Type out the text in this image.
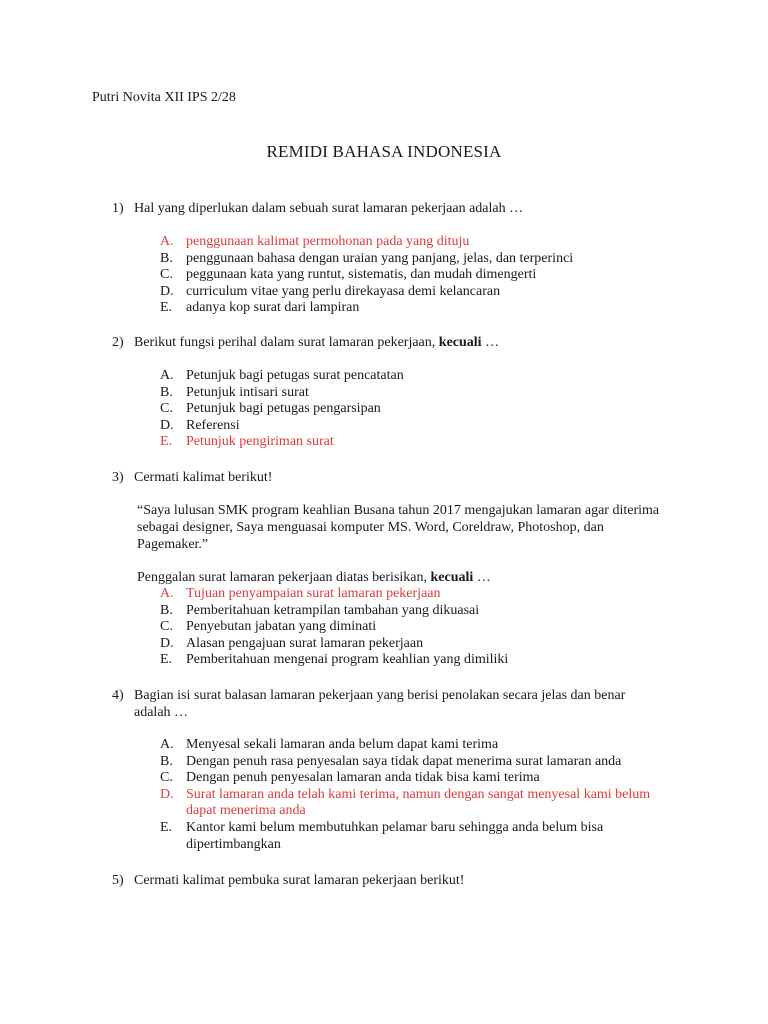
Putri Novita XII IPS 2/28
REMIDI BAHASA INDONESIA
1) Hal yang diperlukan dalam sebuah surat lamaran pekerjaan adalah …
A. penggunaan kalimat permohonan pada yang dituju
B. penggunaan bahasa dengan uraian yang panjang, jelas, dan terperinci
C. peggunaan kata yang runtut, sistematis, dan mudah dimengerti
D. curriculum vitae yang perlu direkayasa demi kelancaran
E. adanya kop surat dari lampiran
2) Berikut fungsi perihal dalam surat lamaran pekerjaan, kecuali …
A. Petunjuk bagi petugas surat pencatatan
B. Petunjuk intisari surat
C. Petunjuk bagi petugas pengarsipan
D. Referensi
E. Petunjuk pengiriman surat
3) Cermati kalimat berikut!
“Saya lulusan SMK program keahlian Busana tahun 2017 mengajukan lamaran agar diterima sebagai designer, Saya menguasai komputer MS. Word, Coreldraw, Photoshop, dan Pagemaker.”
Penggalan surat lamaran pekerjaan diatas berisikan, kecuali …
A. Tujuan penyampaian surat lamaran pekerjaan
B. Pemberitahuan ketrampilan tambahan yang dikuasai
C. Penyebutan jabatan yang diminati
D. Alasan pengajuan surat lamaran pekerjaan
E. Pemberitahuan mengenai program keahlian yang dimiliki
4) Bagian isi surat balasan lamaran pekerjaan yang berisi penolakan secara jelas dan benar adalah …
A. Menyesal sekali lamaran anda belum dapat kami terima
B. Dengan penuh rasa penyesalan saya tidak dapat menerima surat lamaran anda
C. Dengan penuh penyesalan lamaran anda tidak bisa kami terima
D. Surat lamaran anda telah kami terima, namun dengan sangat menyesal kami belum dapat menerima anda
E. Kantor kami belum membutuhkan pelamar baru sehingga anda belum bisa dipertimbangkan
5) Cermati kalimat pembuka surat lamaran pekerjaan berikut!
